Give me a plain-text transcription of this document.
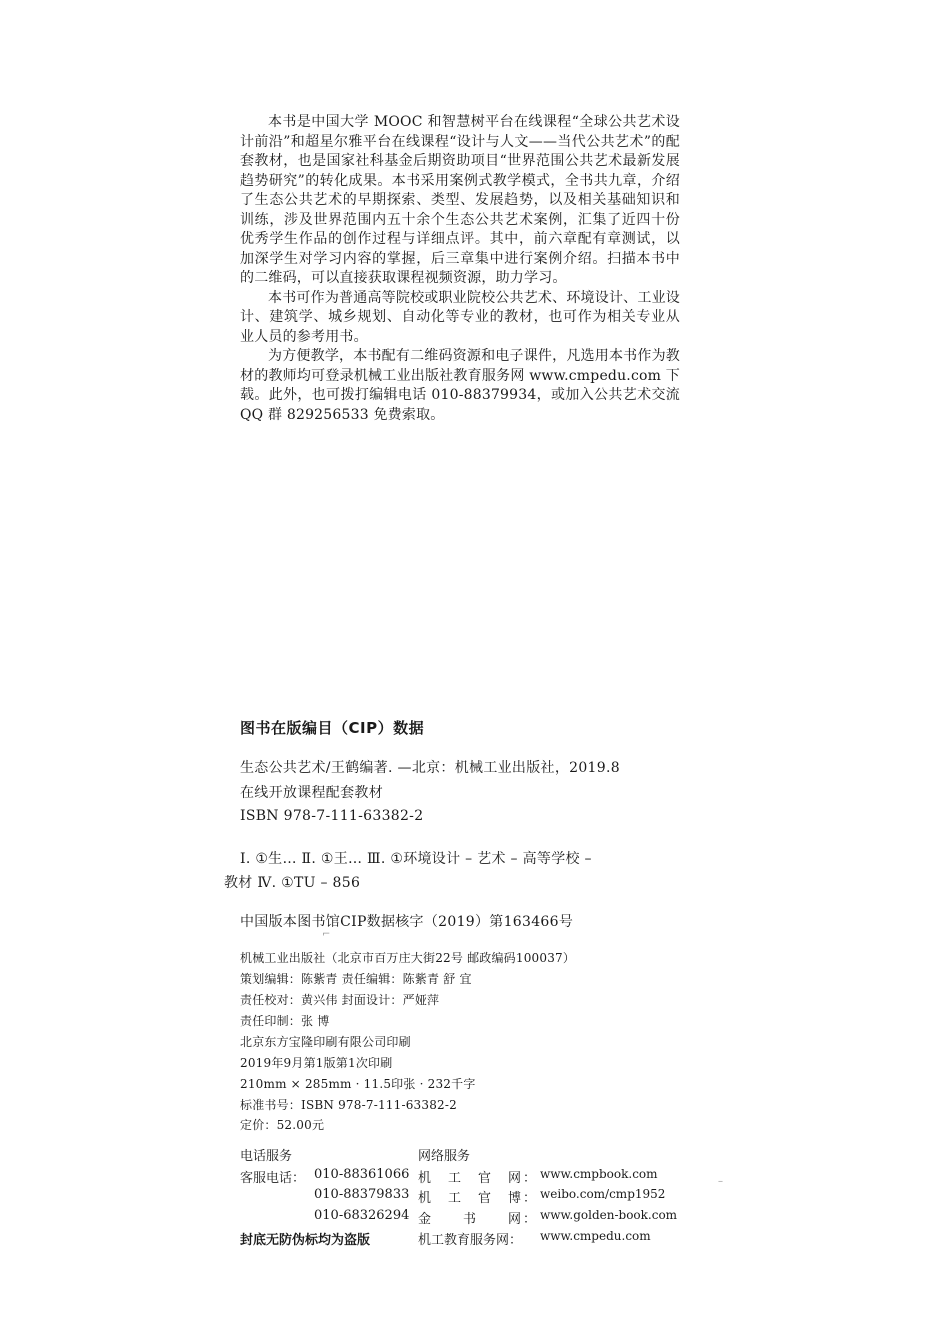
本书是中国大学 MOOC 和智慧树平台在线课程“全球公共艺术设计前沿”和超星尔雅平台在线课程“设计与人文——当代公共艺术”的配套教材，也是国家社科基金后期资助项目“世界范围公共艺术最新发展趋势研究”的转化成果。本书采用案例式教学模式，全书共九章，介绍了生态公共艺术的早期探索、类型、发展趋势，以及相关基础知识和训练，涉及世界范围内五十余个生态公共艺术案例，汇集了近四十份优秀学生作品的创作过程与详细点评。其中，前六章配有章测试，以加深学生对学习内容的掌握，后三章集中进行案例介绍。扫描本书中的二维码，可以直接获取课程视频资源，助力学习。

本书可作为普通高等院校或职业院校公共艺术、环境设计、工业设计、建筑学、城乡规划、自动化等专业的教材，也可作为相关专业从业人员的参考用书。

为方便教学，本书配有二维码资源和电子课件，凡选用本书作为教材的教师均可登录机械工业出版社教育服务网 www.cmpedu.com 下载。此外，也可拨打编辑电话 010-88379934，或加入公共艺术交流 QQ 群 829256533 免费索取。

图书在版编目（CIP）数据
生态公共艺术/王鹤编著. —北京：机械工业出版社，2019.8
在线开放课程配套教材
ISBN 978-7-111-63382-2
Ⅰ. ①生… Ⅱ. ①王… Ⅲ. ①环境设计 – 艺术 – 高等学校 –
教材 Ⅳ. ①TU – 856
中国版本图书馆CIP数据核字（2019）第163466号
⌐
机械工业出版社（北京市百万庄大街22号 邮政编码100037）
策划编辑：陈紫青 责任编辑：陈紫青 舒 宜
责任校对：黄兴伟 封面设计：严娅萍
责任印制：张 博
北京东方宝隆印刷有限公司印刷
2019年9月第1版第1次印刷
210mm × 285mm · 11.5印张 · 232千字
标准书号：ISBN 978-7-111-63382-2
定价：52.00元
电话服务	网络服务
客服电话： 010-88361066 机　工　官　网： www.cmpbook.com
010-88379833 机　工　官　博： weibo.com/cmp1952
010-68326294 金　　书　　网： www.golden-book.com
封底无防伪标均为盗版	机工教育服务网： www.cmpedu.com
–
